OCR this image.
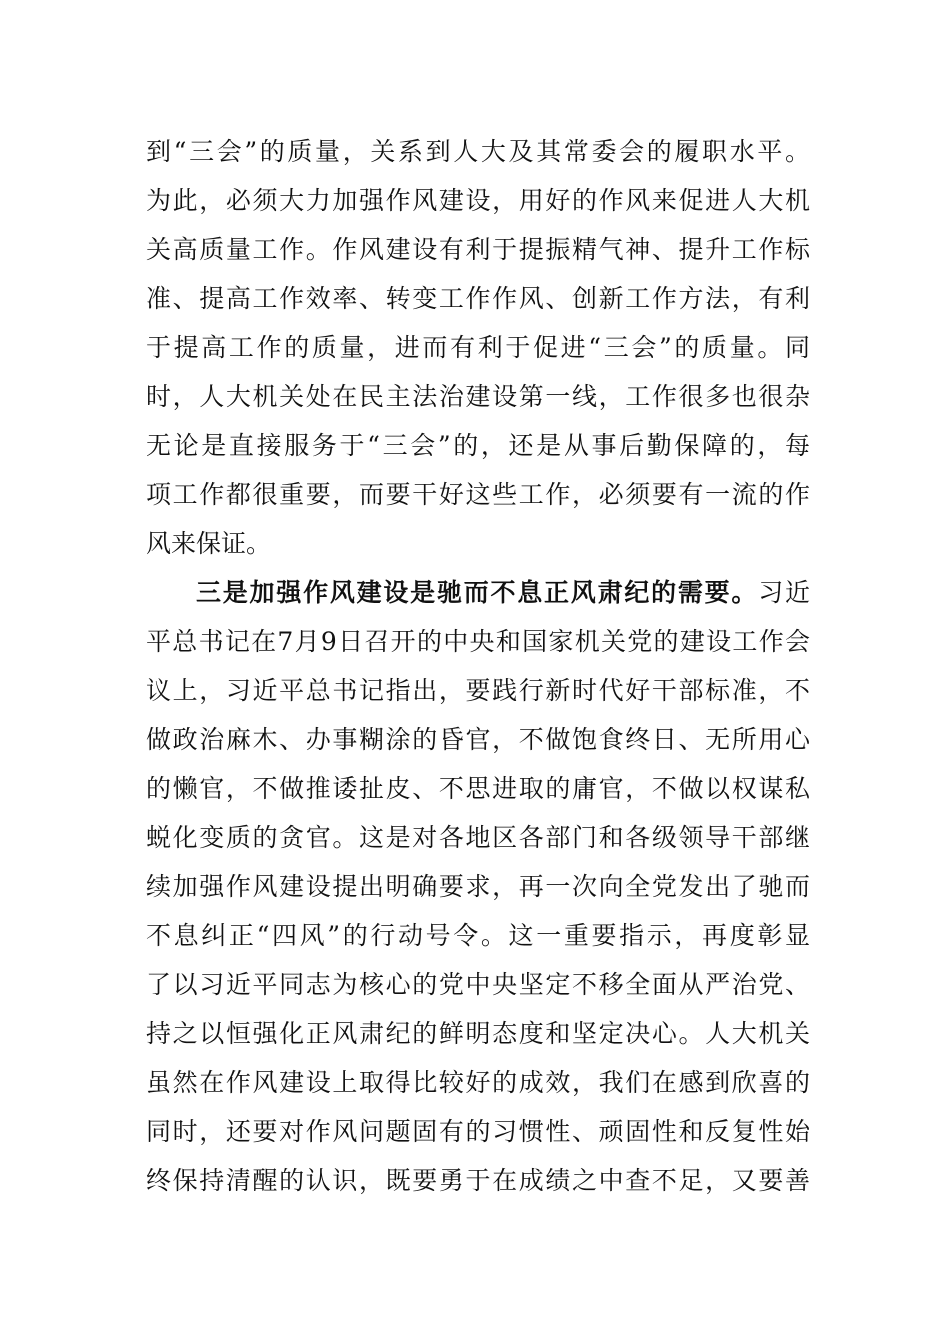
到“三会”的质量，关系到人大及其常委会的履职水平。
为此，必须大力加强作风建设，用好的作风来促进人大机
关高质量工作。作风建设有利于提振精气神、提升工作标
准、提高工作效率、转变工作作风、创新工作方法，有利
于提高工作的质量，进而有利于促进“三会”的质量。同
时，人大机关处在民主法治建设第一线，工作很多也很杂
无论是直接服务于“三会”的，还是从事后勤保障的，每
项工作都很重要，而要干好这些工作，必须要有一流的作
风来保证。
三是加强作风建设是驰而不息正风肃纪的需要。习近
平总书记在7月9日召开的中央和国家机关党的建设工作会
议上，习近平总书记指出，要践行新时代好干部标准，不
做政治麻木、办事糊涂的昏官，不做饱食终日、无所用心
的懒官，不做推诿扯皮、不思进取的庸官，不做以权谋私
蜕化变质的贪官。这是对各地区各部门和各级领导干部继
续加强作风建设提出明确要求，再一次向全党发出了驰而
不息纠正“四风”的行动号令。这一重要指示，再度彰显
了以习近平同志为核心的党中央坚定不移全面从严治党、
持之以恒强化正风肃纪的鲜明态度和坚定决心。人大机关
虽然在作风建设上取得比较好的成效，我们在感到欣喜的
同时，还要对作风问题固有的习惯性、顽固性和反复性始
终保持清醒的认识，既要勇于在成绩之中查不足，又要善
